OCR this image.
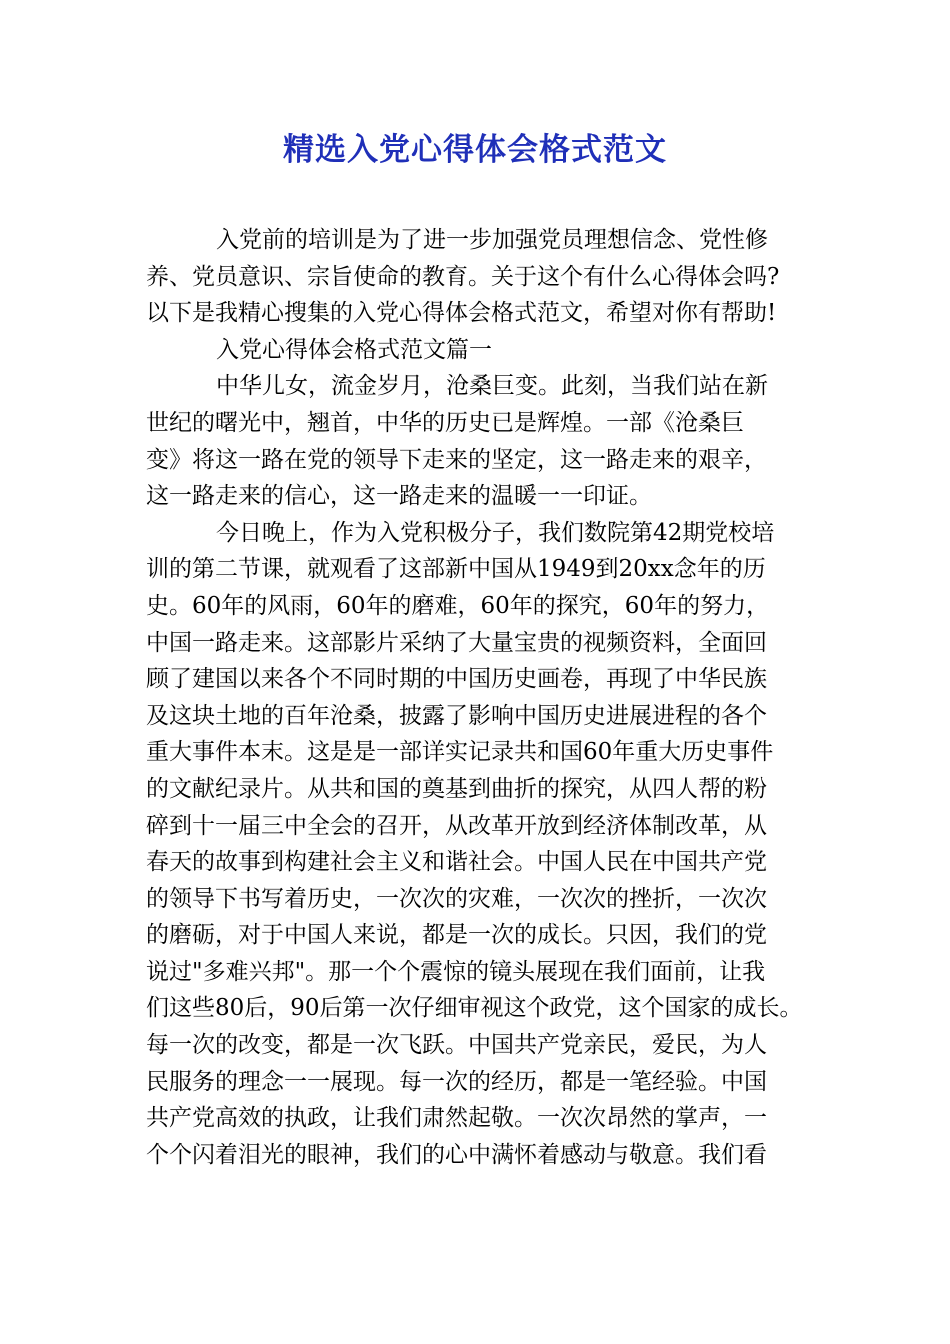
精选入党心得体会格式范文
入党前的培训是为了进一步加强党员理想信念、党性修
养、党员意识、宗旨使命的教育。关于这个有什么心得体会吗?
以下是我精心搜集的入党心得体会格式范文，希望对你有帮助!
入党心得体会格式范文篇一
中华儿女，流金岁月，沧桑巨变。此刻，当我们站在新
世纪的曙光中，翘首，中华的历史已是辉煌。一部《沧桑巨
变》将这一路在党的领导下走来的坚定，这一路走来的艰辛，
这一路走来的信心，这一路走来的温暖一一印证。
今日晚上，作为入党积极分子，我们数院第42期党校培
训的第二节课，就观看了这部新中国从1949到20xx念年的历
史。60年的风雨，60年的磨难，60年的探究，60年的努力，
中国一路走来。这部影片采纳了大量宝贵的视频资料，全面回
顾了建国以来各个不同时期的中国历史画卷，再现了中华民族
及这块土地的百年沧桑，披露了影响中国历史进展进程的各个
重大事件本末。这是是一部详实记录共和国60年重大历史事件
的文献纪录片。从共和国的奠基到曲折的探究，从四人帮的粉
碎到十一届三中全会的召开，从改革开放到经济体制改革，从
春天的故事到构建社会主义和谐社会。中国人民在中国共产党
的领导下书写着历史，一次次的灾难，一次次的挫折，一次次
的磨砺，对于中国人来说，都是一次的成长。只因，我们的党
说过"多难兴邦"。那一个个震惊的镜头展现在我们面前，让我
们这些80后，90后第一次仔细审视这个政党，这个国家的成长。
每一次的改变，都是一次飞跃。中国共产党亲民，爱民，为人
民服务的理念一一展现。每一次的经历，都是一笔经验。中国
共产党高效的执政，让我们肃然起敬。一次次昂然的掌声，一
个个闪着泪光的眼神，我们的心中满怀着感动与敬意。我们看
